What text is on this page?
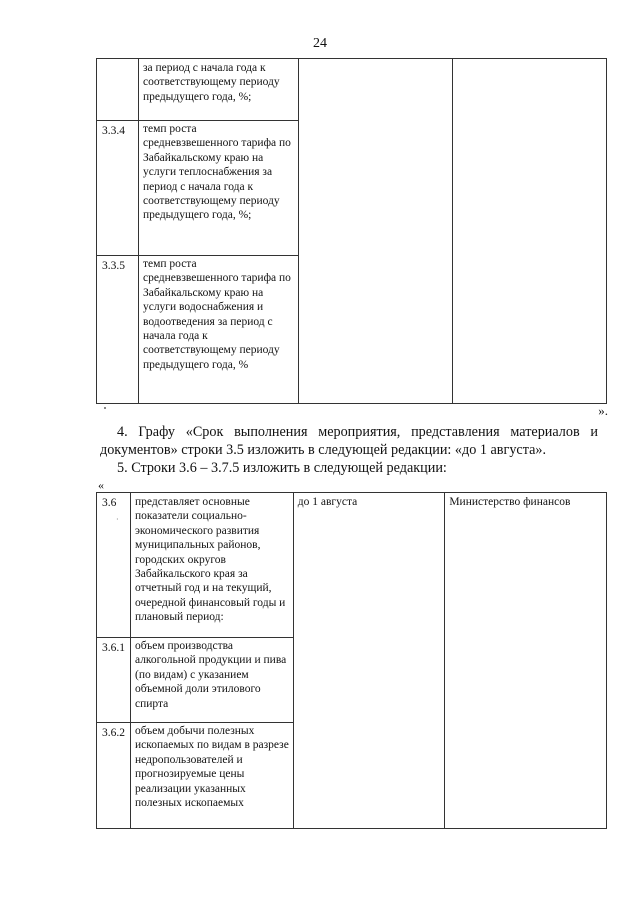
24
	за период с начала года к соответствующему периоду предыдущего года, %;		
3.3.4	темп роста средневзвешенного тарифа по Забайкальскому краю на услуги теплоснабжения за период с начала года к соответствующему периоду предыдущего года, %;		
3.3.5	темп роста средневзвешенного тарифа по Забайкальскому краю на услуги водоснабжения и водоотведения за период с начала года к соответствующему периоду предыдущего года, %		
».
4. Графу «Срок выполнения мероприятия, представления материалов и документов» строки 3.5 изложить в следующей редакции: «до 1 августа».
5. Строки 3.6 – 3.7.5 изложить в следующей редакции:
«
3.6	представляет основные показатели социально-экономического развития муниципальных районов, городских округов Забайкальского края за отчетный год и на текущий, очередной финансовый годы и плановый период:	до 1 августа	Министерство финансов
3.6.1	объем производства алкогольной продукции и пива (по видам) с указанием объемной доли этилового спирта		
3.6.2	объем добычи полезных ископаемых по видам в разрезе недропользователей и прогнозируемые цены реализации указанных полезных ископаемых		
·
